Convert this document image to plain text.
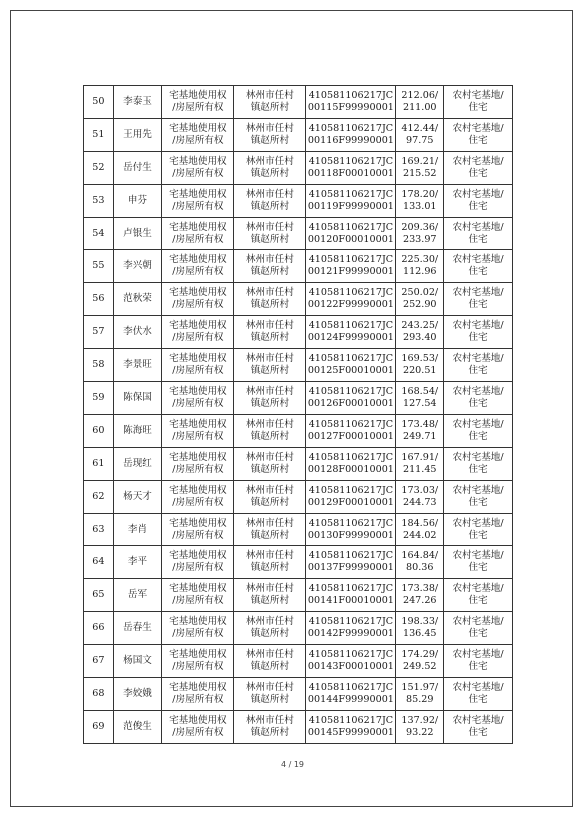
50	李泰玉	宅基地使用权
/房屋所有权	林州市任村
镇赵所村	410581106217JC
00115F99990001	212.06/
211.00	农村宅基地/
住宅

51	王用先	宅基地使用权
/房屋所有权	林州市任村
镇赵所村	410581106217JC
00116F99990001	412.44/
97.75	农村宅基地/
住宅

52	岳付生	宅基地使用权
/房屋所有权	林州市任村
镇赵所村	410581106217JC
00118F00010001	169.21/
215.52	农村宅基地/
住宅

53	申芬	宅基地使用权
/房屋所有权	林州市任村
镇赵所村	410581106217JC
00119F99990001	178.20/
133.01	农村宅基地/
住宅

54	卢银生	宅基地使用权
/房屋所有权	林州市任村
镇赵所村	410581106217JC
00120F00010001	209.36/
233.97	农村宅基地/
住宅

55	李兴朝	宅基地使用权
/房屋所有权	林州市任村
镇赵所村	410581106217JC
00121F99990001	225.30/
112.96	农村宅基地/
住宅

56	范秋荣	宅基地使用权
/房屋所有权	林州市任村
镇赵所村	410581106217JC
00122F99990001	250.02/
252.90	农村宅基地/
住宅

57	李伏水	宅基地使用权
/房屋所有权	林州市任村
镇赵所村	410581106217JC
00124F99990001	243.25/
293.40	农村宅基地/
住宅

58	李景旺	宅基地使用权
/房屋所有权	林州市任村
镇赵所村	410581106217JC
00125F00010001	169.53/
220.51	农村宅基地/
住宅

59	陈保国	宅基地使用权
/房屋所有权	林州市任村
镇赵所村	410581106217JC
00126F00010001	168.54/
127.54	农村宅基地/
住宅

60	陈海旺	宅基地使用权
/房屋所有权	林州市任村
镇赵所村	410581106217JC
00127F00010001	173.48/
249.71	农村宅基地/
住宅

61	岳现红	宅基地使用权
/房屋所有权	林州市任村
镇赵所村	410581106217JC
00128F00010001	167.91/
211.45	农村宅基地/
住宅

62	杨天才	宅基地使用权
/房屋所有权	林州市任村
镇赵所村	410581106217JC
00129F00010001	173.03/
244.73	农村宅基地/
住宅

63	李肖	宅基地使用权
/房屋所有权	林州市任村
镇赵所村	410581106217JC
00130F99990001	184.56/
244.02	农村宅基地/
住宅

64	李平	宅基地使用权
/房屋所有权	林州市任村
镇赵所村	410581106217JC
00137F99990001	164.84/
80.36	农村宅基地/
住宅

65	岳军	宅基地使用权
/房屋所有权	林州市任村
镇赵所村	410581106217JC
00141F00010001	173.38/
247.26	农村宅基地/
住宅

66	岳春生	宅基地使用权
/房屋所有权	林州市任村
镇赵所村	410581106217JC
00142F99990001	198.33/
136.45	农村宅基地/
住宅

67	杨国文	宅基地使用权
/房屋所有权	林州市任村
镇赵所村	410581106217JC
00143F00010001	174.29/
249.52	农村宅基地/
住宅

68	李姣娥	宅基地使用权
/房屋所有权	林州市任村
镇赵所村	410581106217JC
00144F99990001	151.97/
85.29	农村宅基地/
住宅

69	范俊生	宅基地使用权
/房屋所有权	林州市任村
镇赵所村	410581106217JC
00145F99990001	137.92/
93.22	农村宅基地/
住宅
4 / 19
